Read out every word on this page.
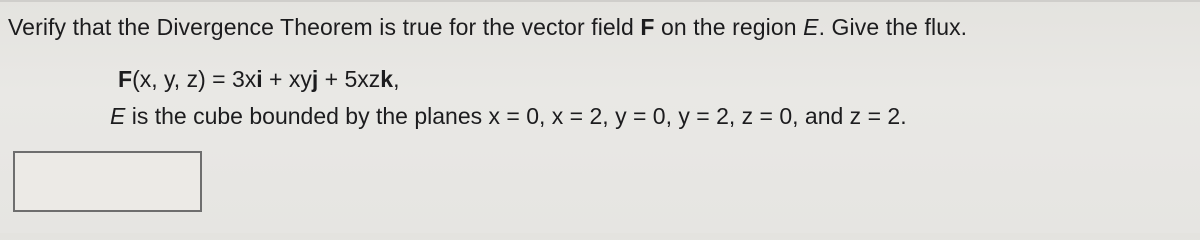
Verify that the Divergence Theorem is true for the vector field F on the region E. Give the flux.
F(x, y, z) = 3xi + xyj + 5xzk,
E is the cube bounded by the planes x = 0, x = 2, y = 0, y = 2, z = 0, and z = 2.
